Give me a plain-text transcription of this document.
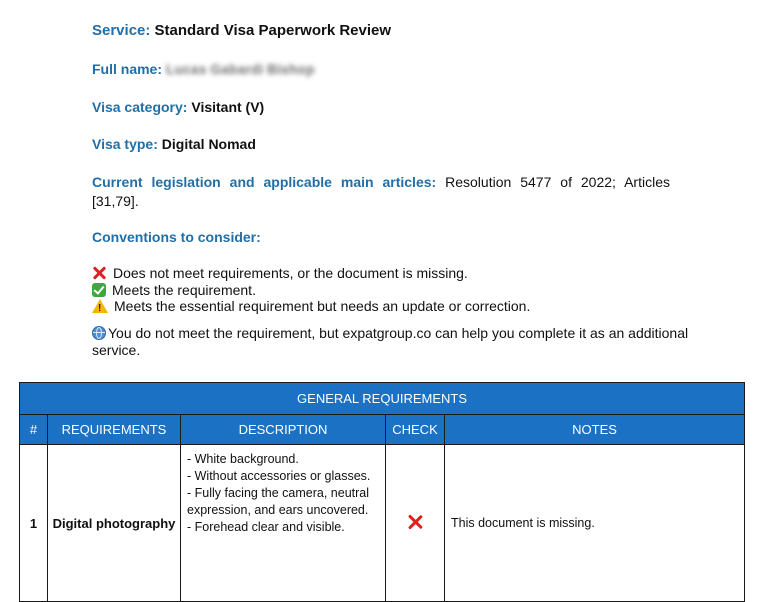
Service: Standard Visa Paperwork Review
Full name: Lucas Gabardi Bishop
Visa category: Visitant (V)
Visa type: Digital Nomad
Current legislation and applicable main articles: Resolution 5477 of 2022; Articles [31,79].
Conventions to consider:
Does not meet requirements, or the document is missing.
Meets the requirement.
!Meets the essential requirement but needs an update or correction.
You do not meet the requirement, but expatgroup.co can help you complete it as an additional service.
GENERAL REQUIREMENTS				
#	REQUIREMENTS	DESCRIPTION	CHECK	NOTES
1	Digital photography	- White background.
- Without accessories or glasses.
- Fully facing the camera, neutral
expression, and ears uncovered.
- Forehead clear and visible.		This document is missing.
